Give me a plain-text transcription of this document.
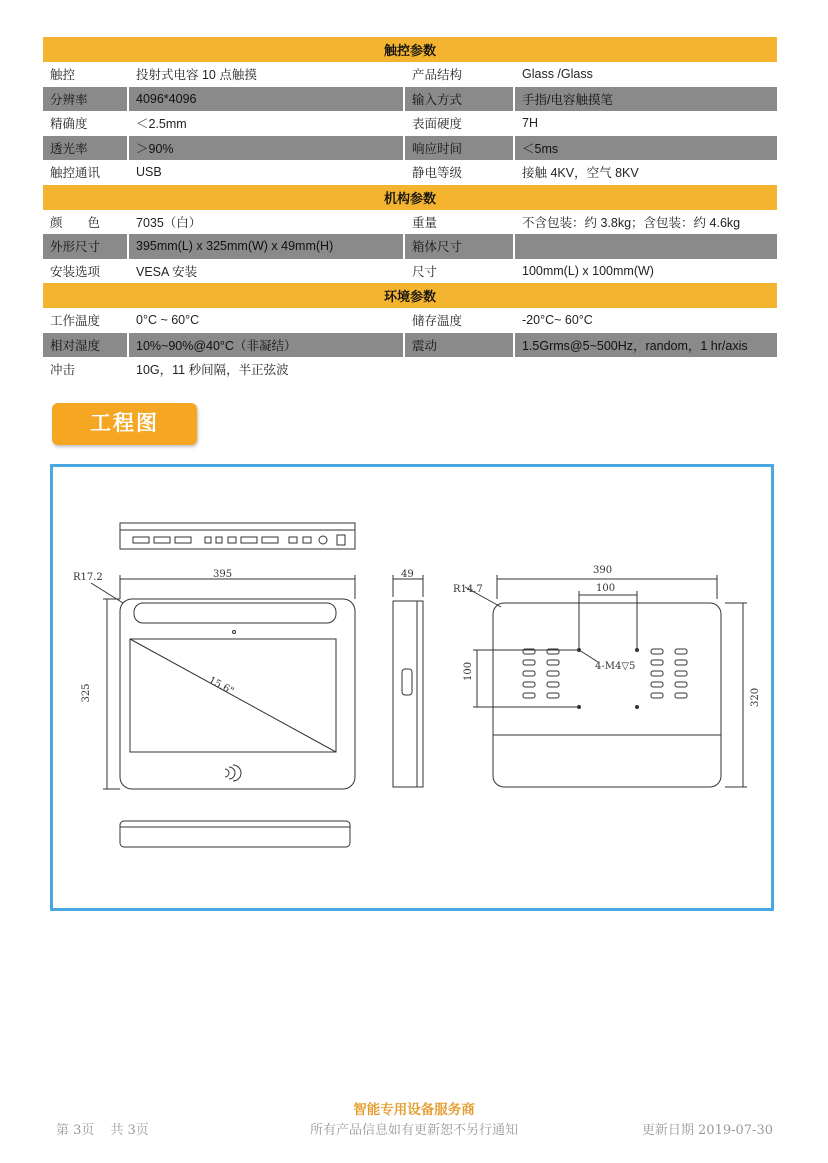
触控参数			
触控	投射式电容 10 点触摸	产品结构	Glass /Glass
分辨率	4096*4096	输入方式	手指/电容触摸笔
精确度	＜2.5mm	表面硬度	7H
透光率	＞90%	响应时间	＜5ms
触控通讯	USB	静电等级	接触 4KV，空气 8KV
机构参数			
颜　　色	7035（白）	重量	不含包装：约 3.8kg；含包装：约 4.6kg
外形尺寸	395mm(L) x 325mm(W) x 49mm(H)	箱体尺寸	
安装选项	VESA 安装	尺寸	100mm(L) x 100mm(W)
环境参数			
工作温度	0°C ~ 60°C	储存温度	-20°C~ 60°C
相对湿度	10%~90%@40°C（非凝结）	震动	1.5Grms@5~500Hz，random，1 hr/axis
冲击	10G，11 秒间隔，半正弦波		
工程图
395
325
R17.2
15.6"
49	390
100
320
100
R14.7
4-M4▽5
智能专用设备服务商
所有产品信息如有更新恕不另行通知
第 3页 共 3页	更新日期 2019-07-30
